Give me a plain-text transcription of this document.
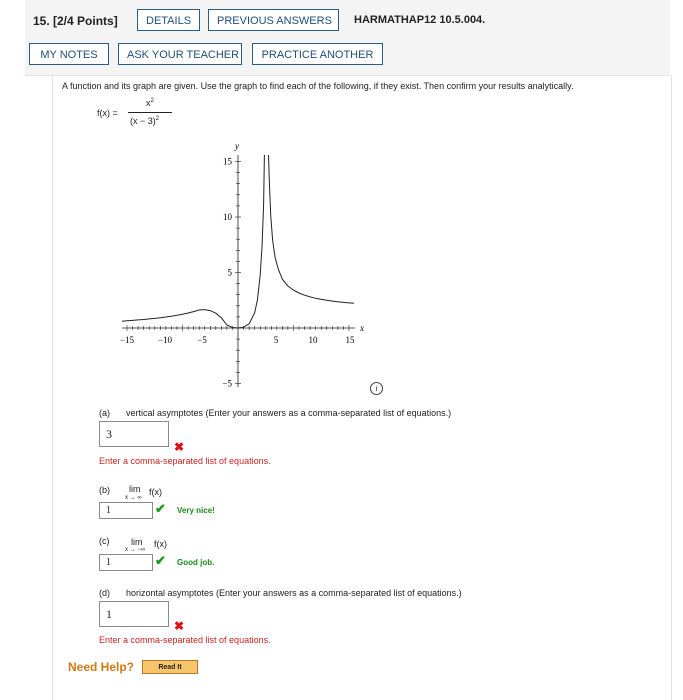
15. [2/4 Points]	DETAILS	PREVIOUS ANSWERS	HARMATHAP12 10.5.004.
MY NOTES	ASK YOUR TEACHER	PRACTICE ANOTHER
A function and its graph are given. Use the graph to find each of the following, if they exist. Then confirm your results analytically.
f(x) =
$x^2$
$(x - 3)^2$
x
y
−15	−10	−5	5	10	15
15
10
5
−5	i
(a) vertical asymptotes (Enter your answers as a comma-separated list of equations.)
3
✖
Enter a comma-separated list of equations.
(b) lim
x → ∞
f(x)
1	✔ Very nice!
(c) lim
x → −∞
f(x)
1	✔ Good job.
(d) horizontal asymptotes (Enter your answers as a comma-separated list of equations.)
1
✖
Enter a comma-separated list of equations.
Need Help?	Read It
